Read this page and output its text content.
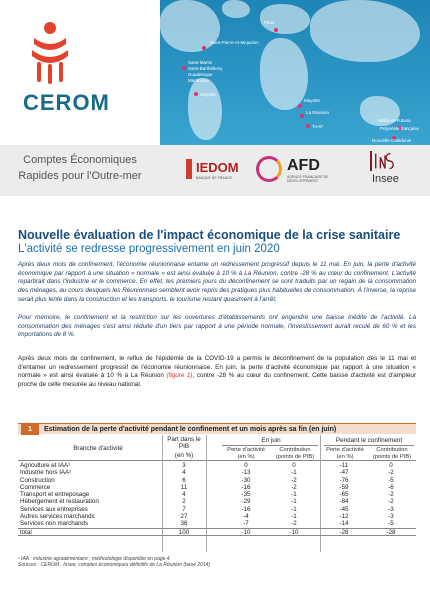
CEROM
Comptes Économiques
Rapides pour l'Outre-mer
Saint-Pierre-et-Miquelon
Saint-Martin
Saint-Barthélemy
Guadeloupe
Martinique
Guyane
Paris
Mayotte
La Réunion
TAAF
Wallis-et-Futuna
Polynésie française
Nouvelle-Calédonie
IEDOM
BANQUE DE FRANCE
AFD
AGENCE FRANÇAISE DE DÉVELOPPEMENT	Insee
Nouvelle évaluation de l'impact économique de la crise sanitaire
L'activité se redresse progressivement en juin 2020
Après deux mois de confinement, l'économie réunionnaise entame un redressement progressif depuis le 11 mai. En juin, la perte d'activité économique par rapport à une situation « normale » est ainsi évaluée à 10 % à La Réunion, contre -28 % au cœur du confinement. L'activité repartirait dans l'industrie et le commerce. En effet, les premiers jours du déconfinement se sont traduits par un regain de la consommation des ménages, au cours desquels les Réunionnais semblent avoir repris des pratiques plus habituelles de consommation. À l'inverse, la reprise serait plus lente dans la construction et les transports, le tourisme restant quasiment à l'arrêt.
Pour mémoire, le confinement et la restriction sur les ouvertures d'établissements ont engendré une baisse inédite de l'activité. La consommation des ménages s'est ainsi réduite d'un tiers par rapport à une période normale, l'investissement aurait reculé de 60 % et les importations de 8 %.
Après deux mois de confinement, le reflux de l'épidémie de la COVID-19 a permis le déconfinement de la population dès le 11 mai et d'entamer un redressement progressif de l'économie réunionnaise. En juin, la perte d'activité économique par rapport à une situation « normale » est ainsi évaluée à 10 % à La Réunion (figure 1), contre -28 % au cœur du confinement. Cette baisse d'activité est d'ampleur proche de celle mesurée au niveau national.
1	Estimation de la perte d'activité pendant le confinement et un mois après sa fin (en juin)
Branche d'activité
Part dans le
PIB
(en %)
En juin	Pendant le confinement
Perte d'activité
(en %)
Contribution
(points de PIB)
Perte d'activité
(en %)
Contribution
(points de PIB)
Agriculture et IAA¹	3	0	0	-11	0
Industrie hors IAA¹	4	-13	-1	-47	-2
Construction	6	-30	-2	-76	-5
Commerce	11	-16	-2	-59	-6
Transport et entreposage	4	-35	-1	-65	-2
Hébergement et restauration	2	-29	-1	-84	-2
Services aux entreprises	7	-16	-1	-45	-3
Autres services marchands	27	-4	-1	-12	-3
Services non marchands	36	-7	-2	-14	-5
total	100	-10	-10	-28	-28
¹ IAA : industrie agroalimentaire ; méthodologie disponible en page 4.
Sources : CEROM ; Insee, comptes économiques définitifs de La Réunion (base 2014)
